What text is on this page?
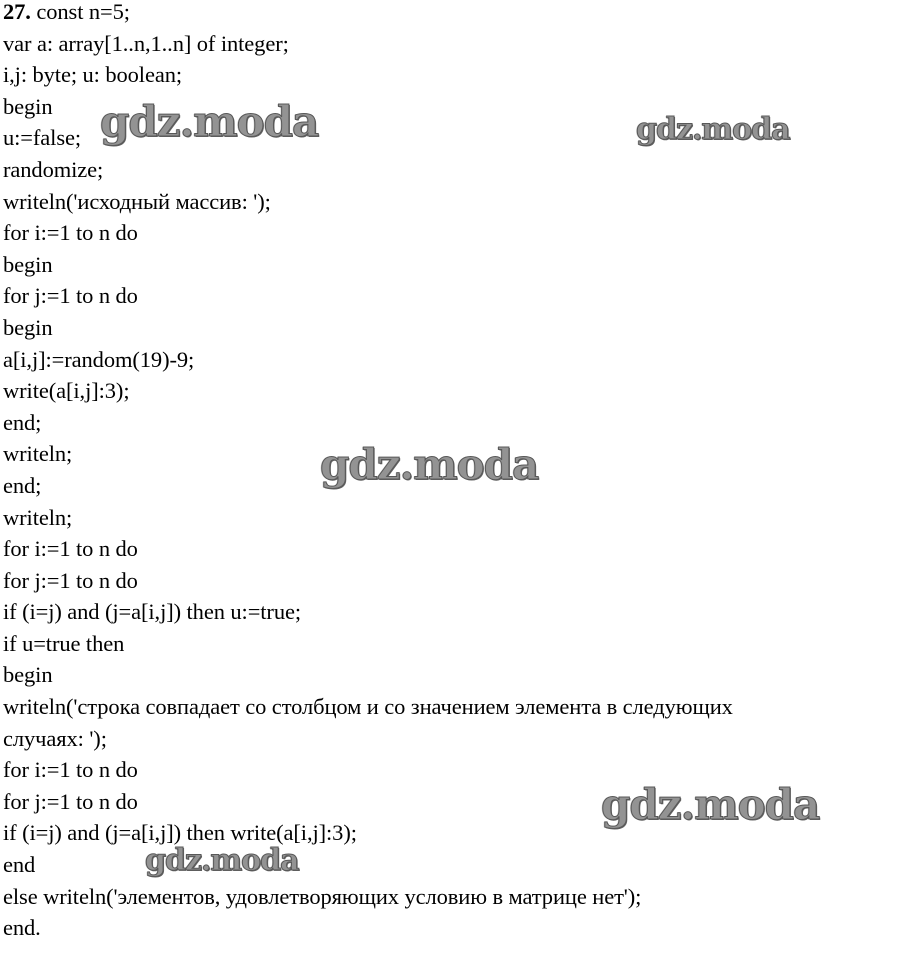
27. const n=5;
var a: array[1..n,1..n] of integer;
i,j: byte; u: boolean;
begin
u:=false;
randomize;
writeln('исходный массив: ');
for i:=1 to n do
begin
for j:=1 to n do
begin
a[i,j]:=random(19)-9;
write(a[i,j]:3);
end;
writeln;
end;
writeln;
for i:=1 to n do
for j:=1 to n do
if (i=j) and (j=a[i,j]) then u:=true;
if u=true then
begin
writeln('строка совпадает со столбцом и со значением элемента в следующих
случаях: ');
for i:=1 to n do
for j:=1 to n do
if (i=j) and (j=a[i,j]) then write(a[i,j]:3);
end
else writeln('элементов, удовлетворяющих условию в матрице нет');
end.
gdz.moda	gdz.moda
gdz.moda
gdz.moda
gdz.moda
